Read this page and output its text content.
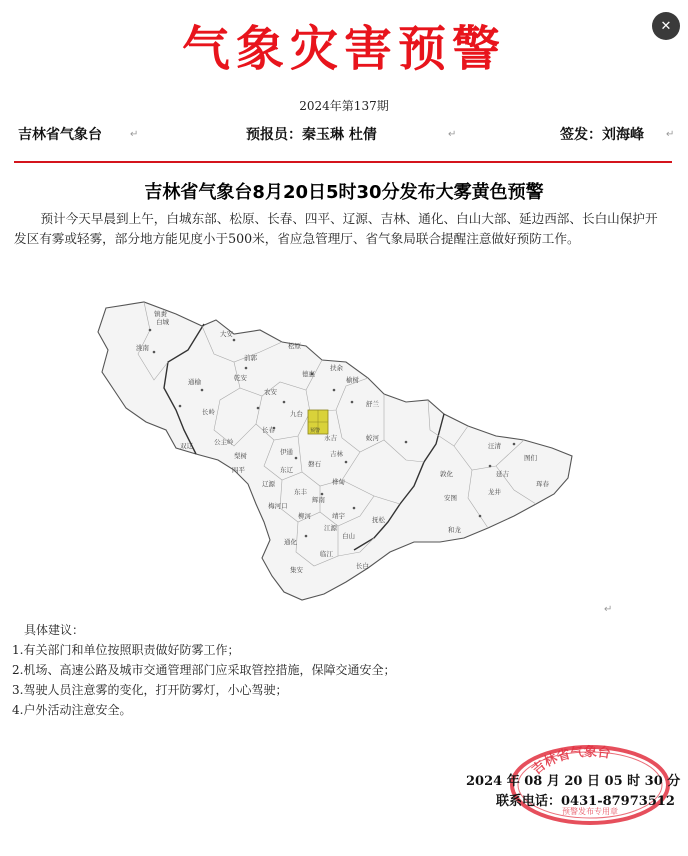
气象灾害预警	✕
2024年第137期
吉林省气象台	预报员：秦玉琳 杜倩	签发：刘海峰
↵	↵	↵
吉林省气象台8月20日5时30分发布大雾黄色预警
预计今天早晨到上午，白城东部、松原、长春、四平、辽源、吉林、通化、白山大部、延边西部、长白山保护开发区有雾或轻雾，部分地方能见度小于500米，省应急管理厅、省气象局联合提醒注意做好预防工作。
白城
洮南
镇赉
大安
通榆	乾安
前郭
长岭
松原
扶余
农安
德惠
榆树
舒兰
九台
长春
双辽	公主岭
伊通
梨树
四平	东辽
辽源
东丰
梅河口
柳河
辉南
通化
集安
白山
靖宇	抚松
长白
临江
磐石
桦甸
蛟河
敦化
安图
和龙
龙井
延吉
汪清
图们
珲春
吉林
永吉
江源
预警
↵
具体建议：
1.有关部门和单位按照职责做好防雾工作；
2.机场、高速公路及城市交通管理部门应采取管控措施，保障交通安全；
3.驾驶人员注意雾的变化，打开防雾灯，小心驾驶；
4.户外活动注意安全。
吉林省气象台
预警发布专用章
2024 年 08 月 20 日 05 时 30 分
联系电话：0431-87973512
